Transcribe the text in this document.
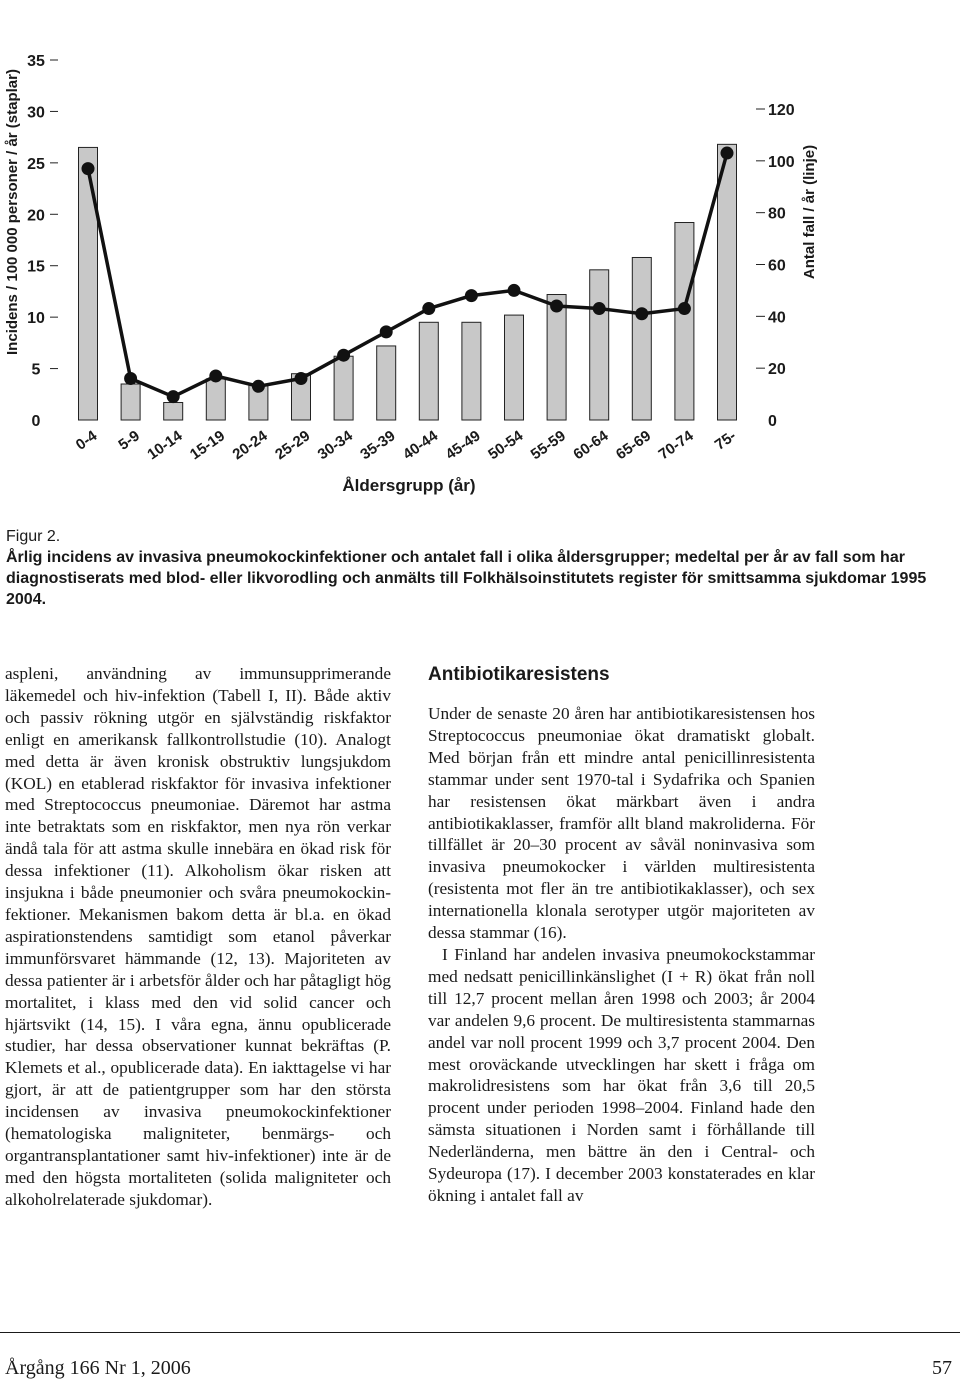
0
5
10
15
20
25
30
35
0
20
40
60
80
100
120
0-4 5-9 10-14 15-19 20-24 25-29 30-34 35-39 40-44 45-49 50-54 55-59 60-64 65-69 70-74 75-
Incidens / 100 000 personer / år (staplar)	Antal fall / år (linje)
Åldersgrupp (år)
Figur 2.
Årlig incidens av invasiva pneumokockinfektioner och antalet fall i olika åldersgrupper; medeltal per år av fall som har diagnostiserats med blod- eller likvorodling och anmälts till Folkhälsoinstitutets register för smittsamma sjukdomar 1995 2004.

aspleni, användning av immunsupprimerande läkemedel och hiv-infektion (Tabell I, II). Både aktiv och passiv rökning utgör en självständig riskfaktor enligt en amerikansk fallkontrollstudie (10). Analogt med detta är även kronisk obstruktiv lungsjukdom (KOL) en etablerad riskfaktor för invasiva infektioner med Streptococcus pneumoniae. Däremot har astma inte betraktats som en riskfaktor, men nya rön verkar ändå tala för att astma skulle innebära en ökad risk för dessa infektioner (11). Alkoholism ökar risken att insjukna i både pneumonier och svåra pneumokockinfektioner. Mekanismen bakom detta är bl.a. en ökad aspirationstendens samtidigt som etanol påverkar immunförsvaret hämmande (12, 13). Majoriteten av dessa patienter är i arbetsför ålder och har påtagligt hög mortalitet, i klass med den vid solid cancer och hjärtsvikt (14, 15). I våra egna, ännu opublicerade studier, har dessa observationer kunnat bekräftas (P. Klemets et al., opublicerade data). En iakttagelse vi har gjort, är att de patientgrupper som har den största incidensen av invasiva pneumokockinfektioner (hematologiska maligniteter, benmärgs- och organtransplantationer samt hiv-infektioner) inte är de med den högsta mortaliteten (solida maligniteter och alkoholrelaterade sjukdomar).

Antibiotikaresistens

Under de senaste 20 åren har antibiotikaresistensen hos Streptococcus pneumoniae ökat dramatiskt globalt. Med början från ett mindre antal penicillinresistenta stammar under sent 1970-tal i Sydafrika och Spanien har resistensen ökat märkbart även i andra antibiotikaklasser, framför allt bland makroliderna. För tillfället är 20–30 procent av såväl noninvasiva som invasiva pneumokocker i världen multiresistenta (resistenta mot fler än tre antibiotikaklasser), och sex internationella klonala serotyper utgör majoriteten av dessa stammar (16).

I Finland har andelen invasiva pneumokockstammar med nedsatt penicillinkänslighet (I + R) ökat från noll till 12,7 procent mellan åren 1998 och 2003; år 2004 var andelen 9,6 procent. De multiresistenta stammarnas andel var noll procent 1999 och 3,7 procent 2004. Den mest oroväckande utvecklingen har skett i fråga om makrolidresistens som har ökat från 3,6 till 20,5 procent under perioden 1998–2004. Finland hade den sämsta situationen i Norden samt i förhållande till Nederländerna, men bättre än den i Central- och Sydeuropa (17). I december 2003 konstaterades en klar ökning i antalet fall av

Årgång 166 Nr 1, 2006	57
